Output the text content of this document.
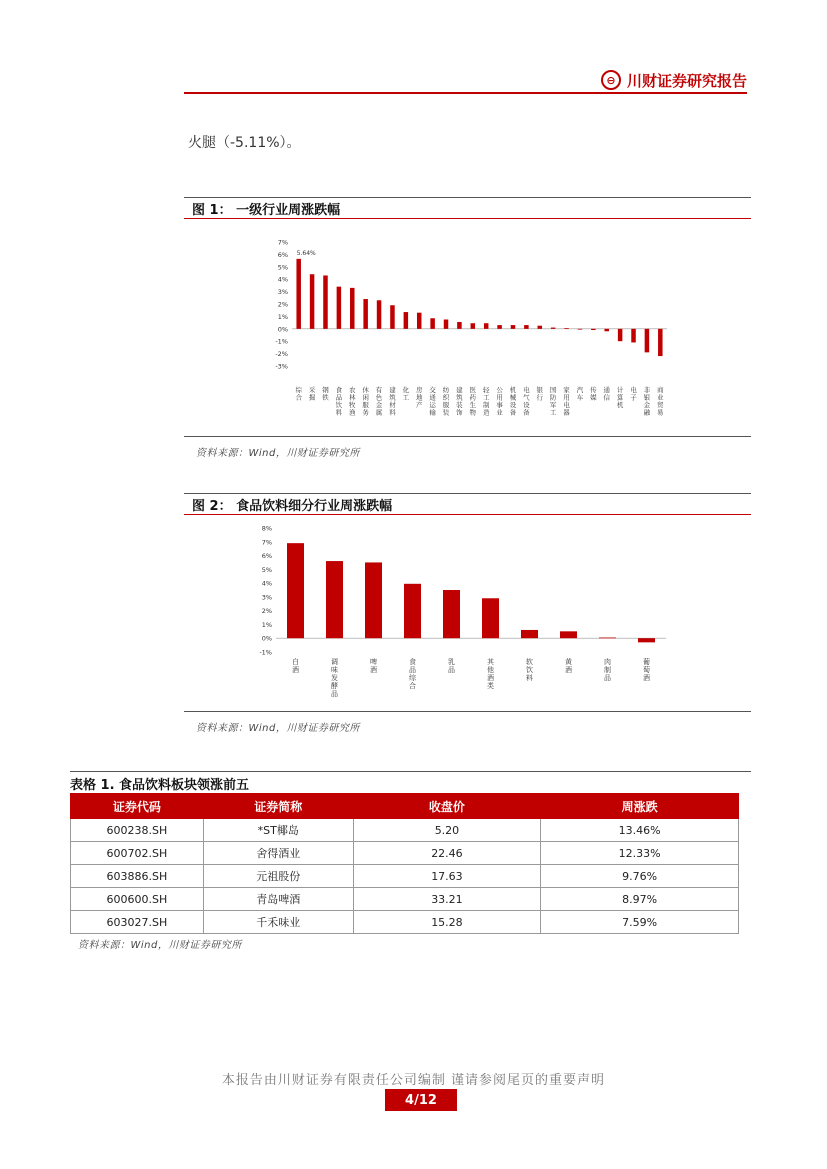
⊖ 川财证券研究报告
火腿（-5.11%）。
图 1： 一级行业周涨跌幅
7%
6%
5%
4%
3%
2%
1%
0%
-1%
-2%
-3%
综合
采掘
钢铁
食品饮料
农林牧渔
休闲服务
有色金属
建筑材料
化工
房地产
交通运输
纺织服装
建筑装饰
医药生物
轻工制造
公用事业
机械设备
电气设备
银行
国防军工
家用电器
汽车
传媒
通信
计算机
电子
非银金融
商业贸易
5.64%
资料来源：Wind，川财证券研究所
图 2： 食品饮料细分行业周涨跌幅
8%
7%
6%
5%
4%
3%
2%
1%
0%
-1%
白酒
调味发酵品
啤酒
食品综合
乳品
其他酒类
软饮料
黄酒
肉制品
葡萄酒
资料来源：Wind，川财证券研究所
表格 1. 食品饮料板块领涨前五
证券代码	证券简称	收盘价	周涨跌
600238.SH	*ST椰岛	5.20	13.46%
600702.SH	舍得酒业	22.46	12.33%
603886.SH	元祖股份	17.63	9.76%
600600.SH	青岛啤酒	33.21	8.97%
603027.SH	千禾味业	15.28	7.59%
资料来源：Wind，川财证券研究所
本报告由川财证券有限责任公司编制 谨请参阅尾页的重要声明
4/12
